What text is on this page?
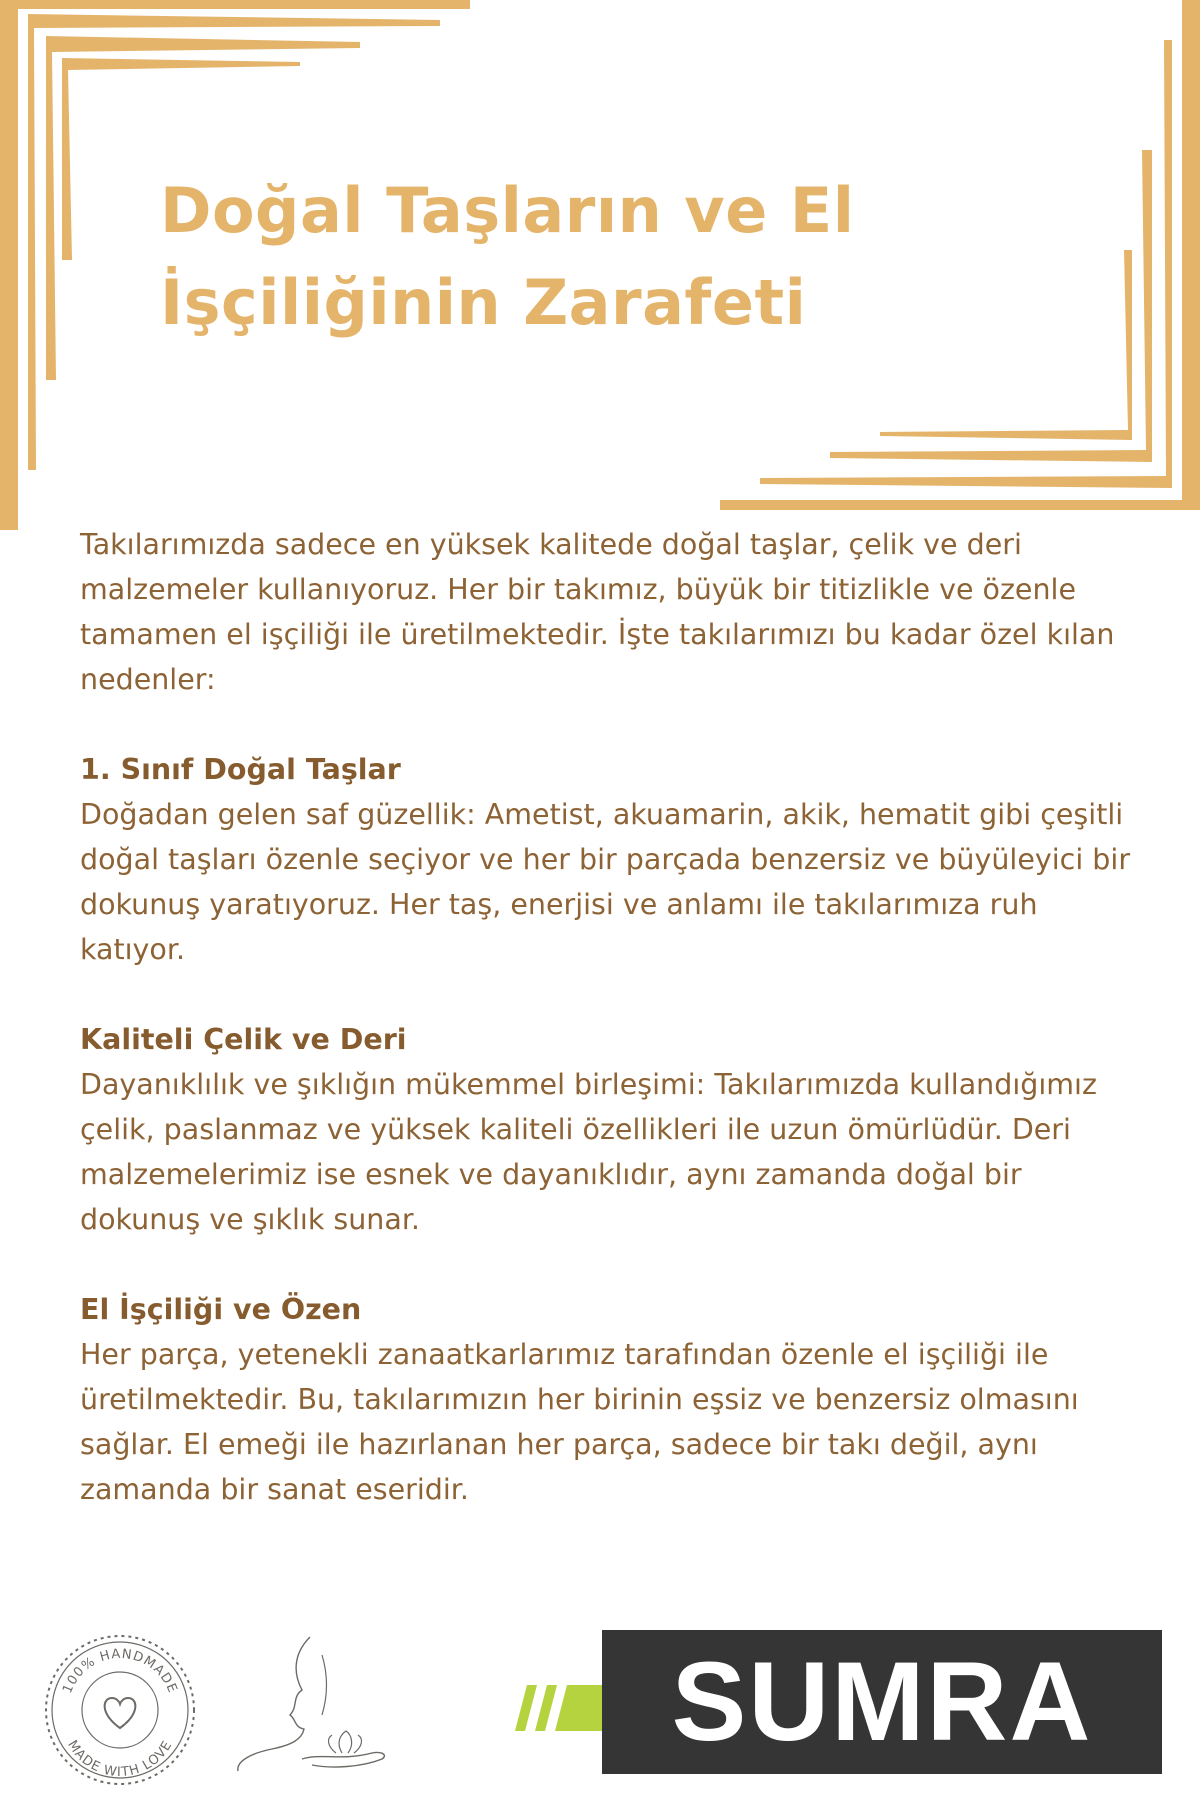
Doğal Taşların ve El
İşçiliğinin Zarafeti

Takılarımızda sadece en yüksek kalitede doğal taşlar, çelik ve deri malzemeler kullanıyoruz. Her bir takımız, büyük bir titizlikle ve özenle tamamen el işçiliği ile üretilmektedir. İşte takılarımızı bu kadar özel kılan nedenler:

1. Sınıf Doğal Taşlar

Doğadan gelen saf güzellik: Ametist, akuamarin, akik, hematit gibi çeşitli doğal taşları özenle seçiyor ve her bir parçada benzersiz ve büyüleyici bir dokunuş yaratıyoruz. Her taş, enerjisi ve anlamı ile takılarımıza ruh katıyor.

Kaliteli Çelik ve Deri

Dayanıklılık ve şıklığın mükemmel birleşimi: Takılarımızda kullandığımız çelik, paslanmaz ve yüksek kaliteli özellikleri ile uzun ömürlüdür. Deri malzemelerimiz ise esnek ve dayanıklıdır, aynı zamanda doğal bir dokunuş ve şıklık sunar.

El İşçiliği ve Özen

Her parça, yetenekli zanaatkarlarımız tarafından özenle el işçiliği ile üretilmektedir. Bu, takılarımızın her birinin eşsiz ve benzersiz olmasını sağlar. El emeği ile hazırlanan her parça, sadece bir takı değil, aynı zamanda bir sanat eseridir.

100% HANDMADE
MADE WITH LOVE	SUMRA
